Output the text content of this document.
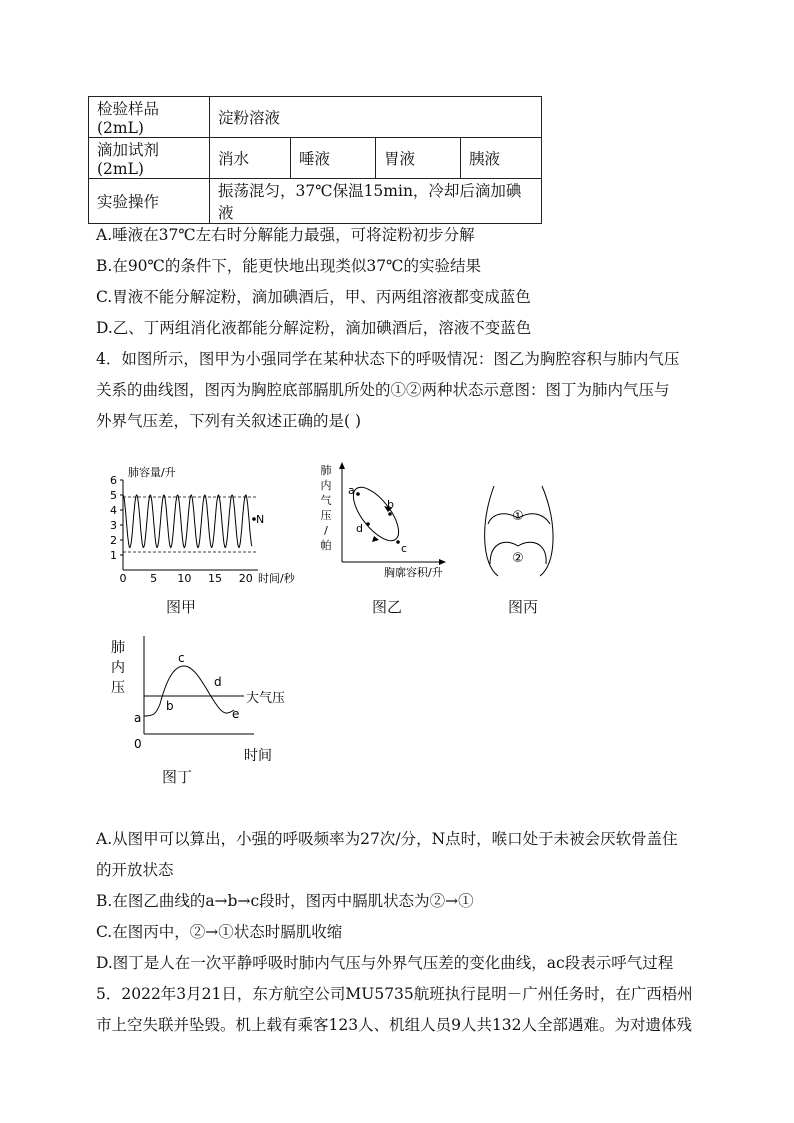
检验样品(2mL)	淀粉溶液			
滴加试剂(2mL)	消水	唾液	胃液	胰液
实验操作	振荡混匀，37℃保温15min，冷却后滴加碘液			
A.唾液在37℃左右时分解能力最强，可将淀粉初步分解
B.在90℃的条件下，能更快地出现类似37℃的实验结果
C.胃液不能分解淀粉，滴加碘酒后，甲、丙两组溶液都变成蓝色
D.乙、丁两组消化液都能分解淀粉，滴加碘酒后，溶液不变蓝色
4．如图所示，图甲为小强同学在某种状态下的呼吸情况：图乙为胸腔容积与肺内气压
关系的曲线图，图丙为胸腔底部膈肌所处的①②两种状态示意图：图丁为肺内气压与
外界气压差，下列有关叙述正确的是( )
肺容量/升
6
5
4
3
2
1
0 5 10 15 20
N
时间/秒
图甲
肺
内
气
压
/
帕
a
b
c
d
胸廓容积/升
图乙
①
②
图丙
肺
内
压
大气压
a
b
c
d
e
0
时间
图丁
A.从图甲可以算出，小强的呼吸频率为27次/分，N点时，喉口处于未被会厌软骨盖住
的开放状态
B.在图乙曲线的a→b→c段时，图丙中膈肌状态为②→①
C.在图丙中，②→①状态时膈肌收缩
D.图丁是人在一次平静呼吸时肺内气压与外界气压差的变化曲线，ac段表示呼气过程
5．2022年3月21日，东方航空公司MU5735航班执行昆明－广州任务时，在广西梧州
市上空失联并坠毁。机上载有乘客123人、机组人员9人共132人全部遇难。为对遗体残
